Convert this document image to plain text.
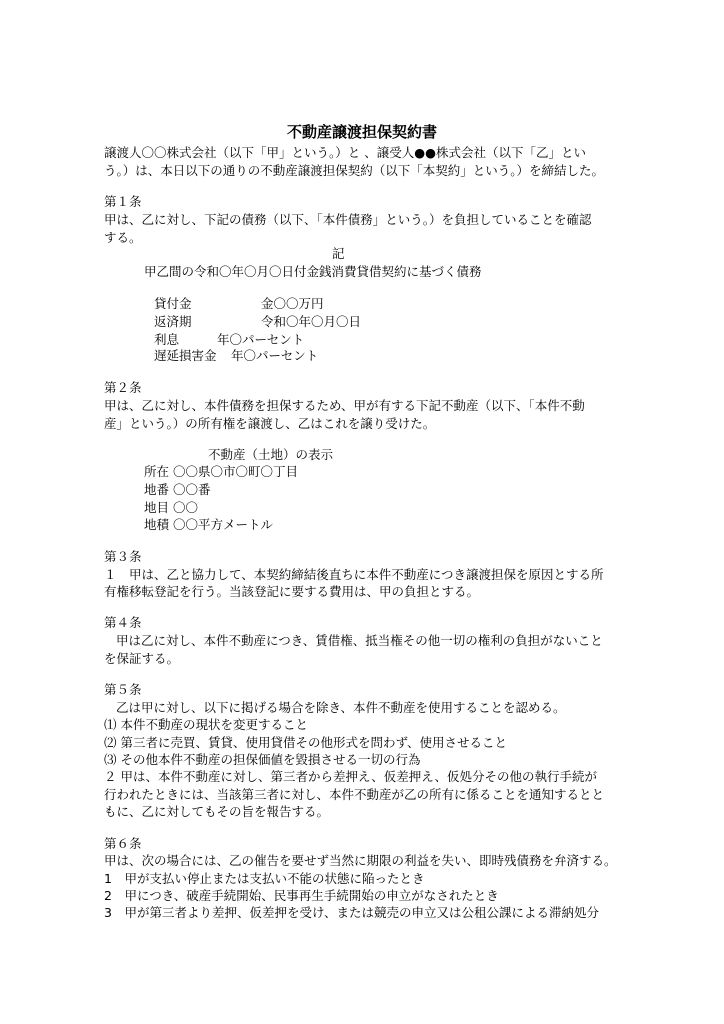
不動産譲渡担保契約書

譲渡人〇〇株式会社（以下「甲」という。）と 、譲受人●●株式会社（以下「乙」とい

う。）は、本日以下の通りの不動産譲渡担保契約（以下「本契約」という。）を締結した。

第１条

甲は、乙に対し、下記の債務（以下、「本件債務」という。）を負担していることを確認

する。

記

甲乙間の令和〇年〇月〇日付金銭消費貸借契約に基づく債務

貸付金	金〇〇万円

返済期	令和〇年〇月〇日

利息	年〇パーセント

遅延損害金 年〇パーセント

第２条

甲は、乙に対し、本件債務を担保するため、甲が有する下記不動産（以下、「本件不動

産」という。）の所有権を譲渡し、乙はこれを譲り受けた。

不動産（土地）の表示

所在 〇〇県〇市〇町〇丁目

地番 〇〇番

地目 〇〇

地積 〇〇平方メートル

第３条

１　甲は、乙と協力して、本契約締結後直ちに本件不動産につき譲渡担保を原因とする所

有権移転登記を行う。当該登記に要する費用は、甲の負担とする。

第４条

甲は乙に対し、本件不動産につき、賃借権、抵当権その他一切の権利の負担がないこと

を保証する。

第５条

乙は甲に対し、以下に掲げる場合を除き、本件不動産を使用することを認める。

⑴ 本件不動産の現状を変更すること

⑵ 第三者に売買、賃貸、使用貸借その他形式を問わず、使用させること

⑶ その他本件不動産の担保価値を毀損させる一切の行為

２ 甲は、本件不動産に対し、第三者から差押え、仮差押え、仮処分その他の執行手続が

行われたときには、当該第三者に対し、本件不動産が乙の所有に係ることを通知するとと

もに、乙に対してもその旨を報告する。

第６条

甲は、次の場合には、乙の催告を要せず当然に期限の利益を失い、即時残債務を弁済する。

1　甲が支払い停止または支払い不能の状態に陥ったとき

2　甲につき、破産手続開始、民事再生手続開始の申立がなされたとき

3　甲が第三者より差押、仮差押を受け、または競売の申立又は公租公課による滞納処分
